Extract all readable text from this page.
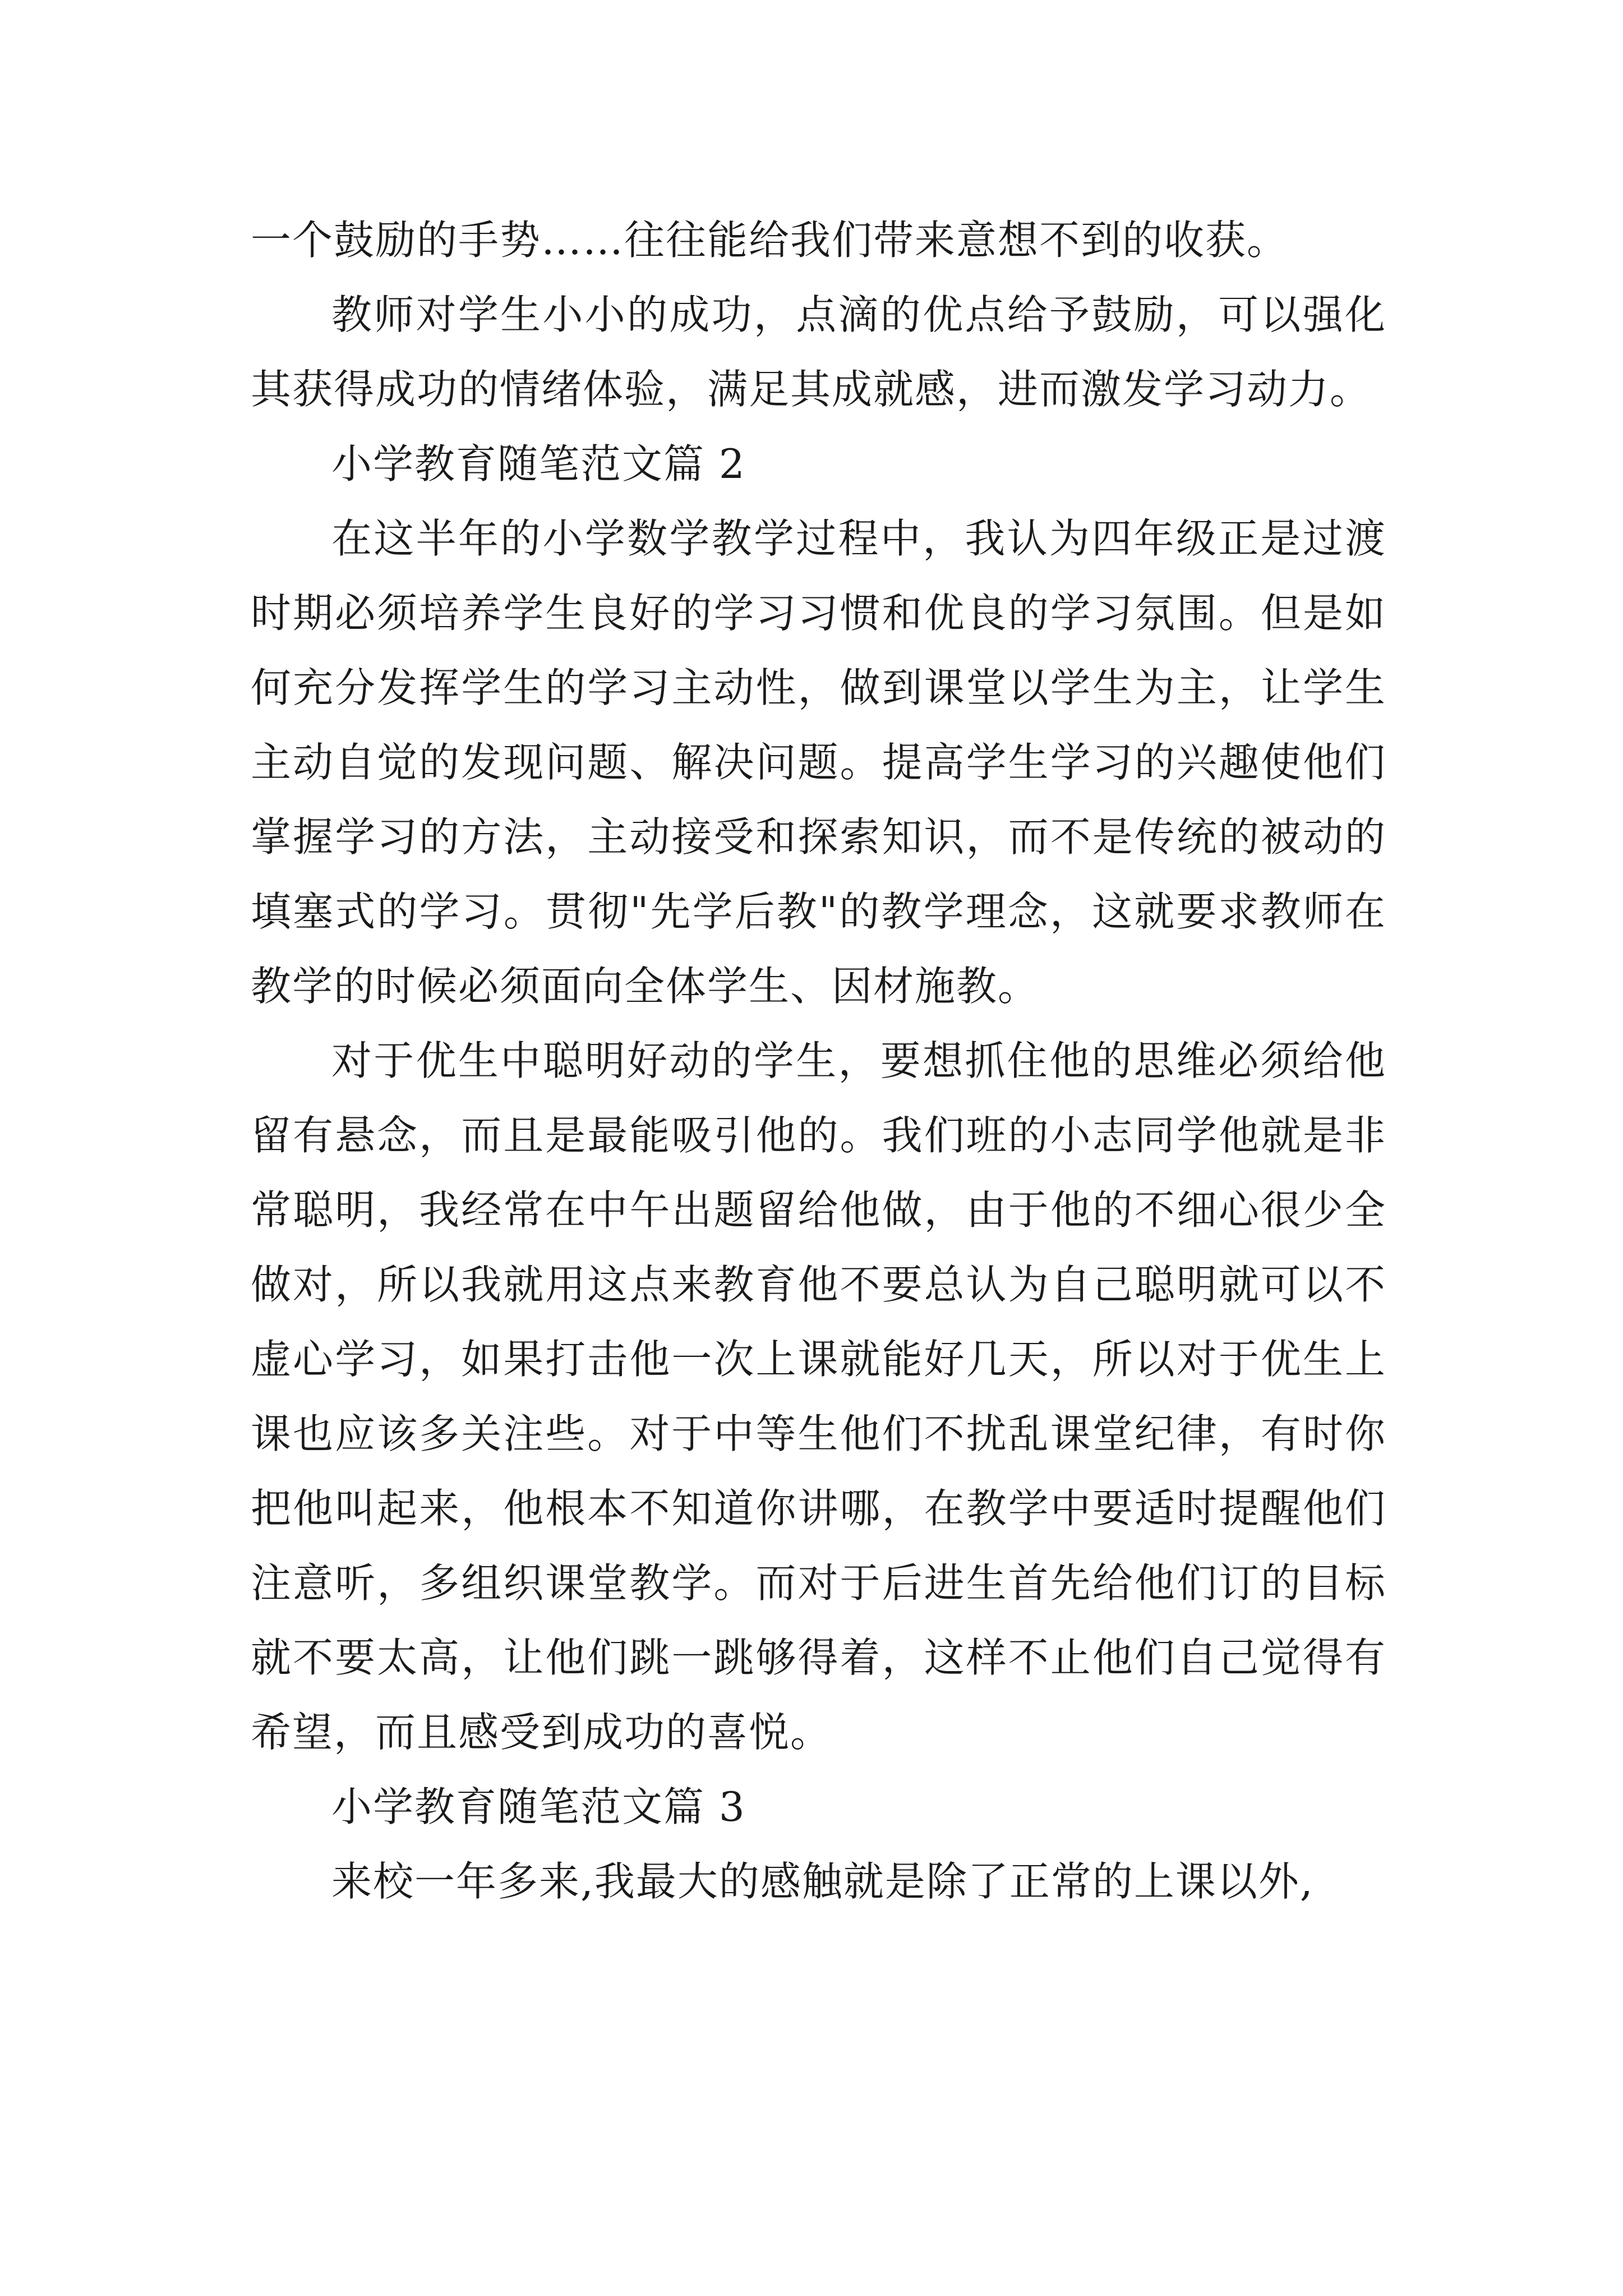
一个鼓励的手势……往往能给我们带来意想不到的收获。

教师对学生小小的成功，点滴的优点给予鼓励，可以强化其获得成功的情绪体验，满足其成就感，进而激发学习动力。

小学教育随笔范文篇 2

在这半年的小学数学教学过程中，我认为四年级正是过渡时期必须培养学生良好的学习习惯和优良的学习氛围。但是如何充分发挥学生的学习主动性，做到课堂以学生为主，让学生主动自觉的发现问题、解决问题。提高学生学习的兴趣使他们掌握学习的方法，主动接受和探索知识，而不是传统的被动的填塞式的学习。贯彻"先学后教"的教学理念，这就要求教师在教学的时候必须面向全体学生、因材施教。

对于优生中聪明好动的学生，要想抓住他的思维必须给他留有悬念，而且是最能吸引他的。我们班的小志同学他就是非常聪明，我经常在中午出题留给他做，由于他的不细心很少全做对，所以我就用这点来教育他不要总认为自己聪明就可以不虚心学习，如果打击他一次上课就能好几天，所以对于优生上课也应该多关注些。对于中等生他们不扰乱课堂纪律，有时你把他叫起来，他根本不知道你讲哪，在教学中要适时提醒他们注意听，多组织课堂教学。而对于后进生首先给他们订的目标就不要太高，让他们跳一跳够得着，这样不止他们自己觉得有希望，而且感受到成功的喜悦。

小学教育随笔范文篇 3

来校一年多来,我最大的感触就是除了正常的上课以外,
